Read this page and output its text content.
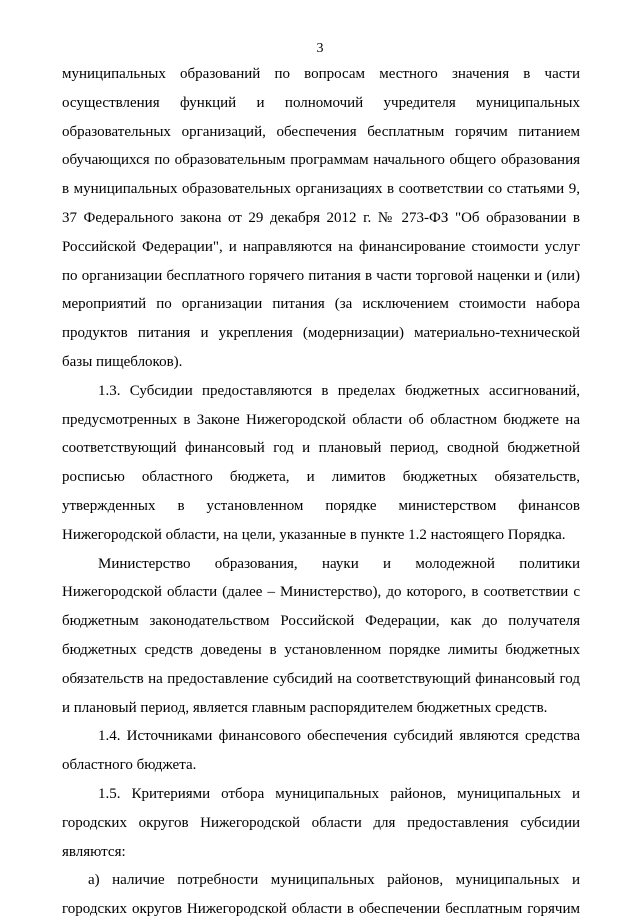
3
муниципальных образований по вопросам местного значения в части
осуществления функций и полномочий учредителя муниципальных
образовательных организаций, обеспечения бесплатным горячим питанием
обучающихся по образовательным программам начального общего образования
в муниципальных образовательных организациях в соответствии со статьями 9,
37 Федерального закона от 29 декабря 2012 г. № 273-ФЗ "Об образовании в
Российской Федерации", и направляются на финансирование стоимости услуг
по организации бесплатного горячего питания в части торговой наценки и (или)
мероприятий по организации питания (за исключением стоимости набора
продуктов питания и укрепления (модернизации) материально-технической
базы пищеблоков).
1.3. Субсидии предоставляются в пределах бюджетных ассигнований,
предусмотренных в Законе Нижегородской области об областном бюджете на
соответствующий финансовый год и плановый период, сводной бюджетной
росписью областного бюджета, и лимитов бюджетных обязательств,
утвержденных в установленном порядке министерством финансов
Нижегородской области, на цели, указанные в пункте 1.2 настоящего Порядка.
Министерство образования, науки и молодежной политики
Нижегородской области (далее – Министерство), до которого, в соответствии с
бюджетным законодательством Российской Федерации, как до получателя
бюджетных средств доведены в установленном порядке лимиты бюджетных
обязательств на предоставление субсидий на соответствующий финансовый год
и плановый период, является главным распорядителем бюджетных средств.
1.4. Источниками финансового обеспечения субсидий являются средства
областного бюджета.
1.5. Критериями отбора муниципальных районов, муниципальных и
городских округов Нижегородской области для предоставления субсидии
являются:
а) наличие потребности муниципальных районов, муниципальных и
городских округов Нижегородской области в обеспечении бесплатным горячим
